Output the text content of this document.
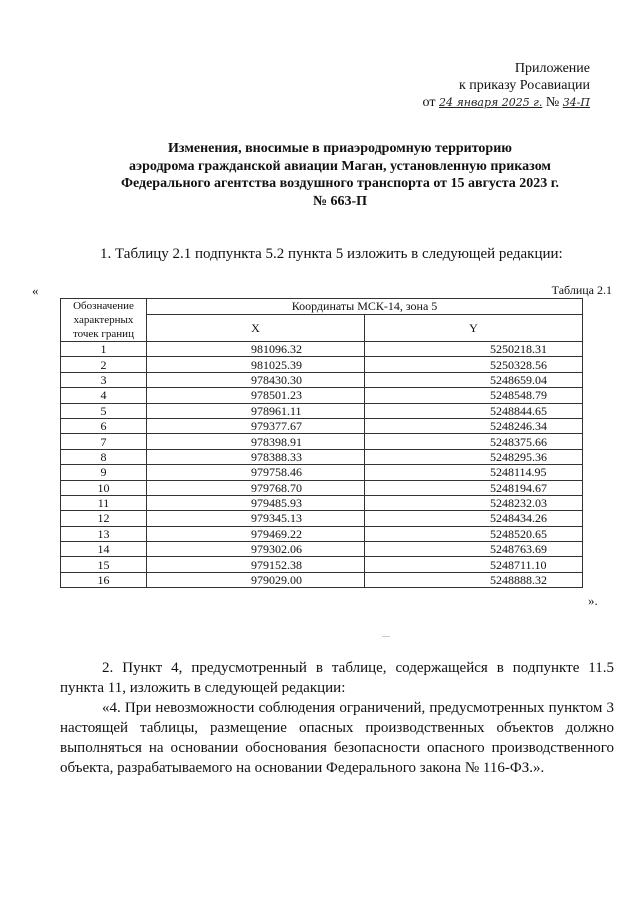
Приложение
к приказу Росавиации
от 24 января 2025 г. № 34-П
Изменения, вносимые в приаэродромную территорию
аэродрома гражданской авиации Маган, установленную приказом
Федерального агентства воздушного транспорта от 15 августа 2023 г.
№ 663-П
1. Таблицу 2.1 подпункта 5.2 пункта 5 изложить в следующей редакции:
«	Таблица 2.1
Обозначение характерных точек границ	Координаты МСК-14, зона 5	
	X	Y
1	981096.32	5250218.31
2	981025.39	5250328.56
3	978430.30	5248659.04
4	978501.23	5248548.79
5	978961.11	5248844.65
6	979377.67	5248246.34
7	978398.91	5248375.66
8	978388.33	5248295.36
9	979758.46	5248114.95
10	979768.70	5248194.67
11	979485.93	5248232.03
12	979345.13	5248434.26
13	979469.22	5248520.65
14	979302.06	5248763.69
15	979152.38	5248711.10
16	979029.00	5248888.32
».
2. Пункт 4, предусмотренный в таблице, содержащейся в подпункте 11.5 пункта 11, изложить в следующей редакции:
«4. При невозможности соблюдения ограничений, предусмотренных пунктом 3 настоящей таблицы, размещение опасных производственных объектов должно выполняться на основании обоснования безопасности опасного производственного объекта, разрабатываемого на основании Федерального закона № 116-ФЗ.».
